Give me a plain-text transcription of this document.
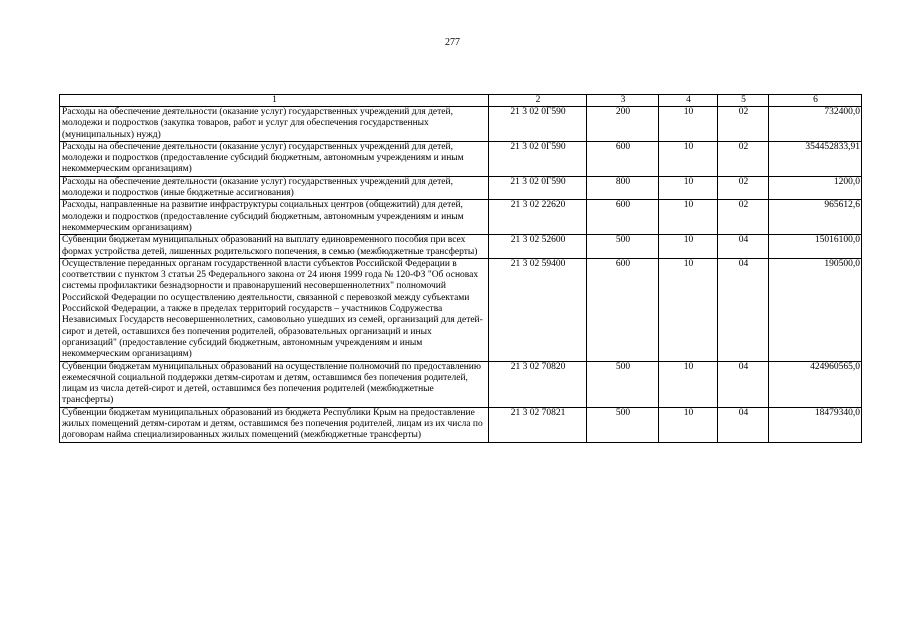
277
1	2	3	4	5	6
Расходы на обеспечение деятельности (оказание услуг) государственных учреждений для детей, молодежи и подростков (закупка товаров, работ и услуг для обеспечения государственных (муниципальных) нужд)	21 3 02 0Г590	200	10	02	732400,0
Расходы на обеспечение деятельности (оказание услуг) государственных учреждений для детей, молодежи и подростков (предоставление субсидий бюджетным, автономным учреждениям и иным некоммерческим организациям)	21 3 02 0Г590	600	10	02	354452833,91
Расходы на обеспечение деятельности (оказание услуг) государственных учреждений для детей, молодежи и подростков (иные бюджетные ассигнования)	21 3 02 0Г590	800	10	02	1200,0
Расходы, направленные на развитие инфраструктуры социальных центров (общежитий) для детей, молодежи и подростков (предоставление субсидий бюджетным, автономным учреждениям и иным некоммерческим организациям)	21 3 02 22620	600	10	02	965612,6
Субвенции бюджетам муниципальных образований на выплату единовременного пособия при всех формах устройства детей, лишенных родительского попечения, в семью (межбюджетные трансферты)	21 3 02 52600	500	10	04	15016100,0
Осуществление переданных органам государственной власти субъектов Российской Федерации в соответствии с пунктом 3 статьи 25 Федерального закона от 24 июня 1999 года № 120-ФЗ "Об основах системы профилактики безнадзорности и правонарушений несовершеннолетних" полномочий Российской Федерации по осуществлению деятельности, связанной с перевозкой между субъектами Российской Федерации, а также в пределах территорий государств – участников Содружества Независимых Государств несовершеннолетних, самовольно ушедших из семей, организаций для детей-сирот и детей, оставшихся без попечения родителей, образовательных организаций и иных организаций" (предоставление субсидий бюджетным, автономным учреждениям и иным некоммерческим организациям)	21 3 02 59400	600	10	04	190500,0
Субвенции бюджетам муниципальных образований на осуществление полномочий по предоставлению ежемесячной социальной поддержки детям-сиротам и детям, оставшимся без попечения родителей, лицам из числа детей-сирот и детей, оставшимся без попечения родителей (межбюджетные трансферты)	21 3 02 70820	500	10	04	424960565,0
Субвенции бюджетам муниципальных образований из бюджета Республики Крым на предоставление жилых помещений детям-сиротам и детям, оставшимся без попечения родителей, лицам из их числа по договорам найма специализированных жилых помещений (межбюджетные трансферты)	21 3 02 70821	500	10	04	18479340,0
